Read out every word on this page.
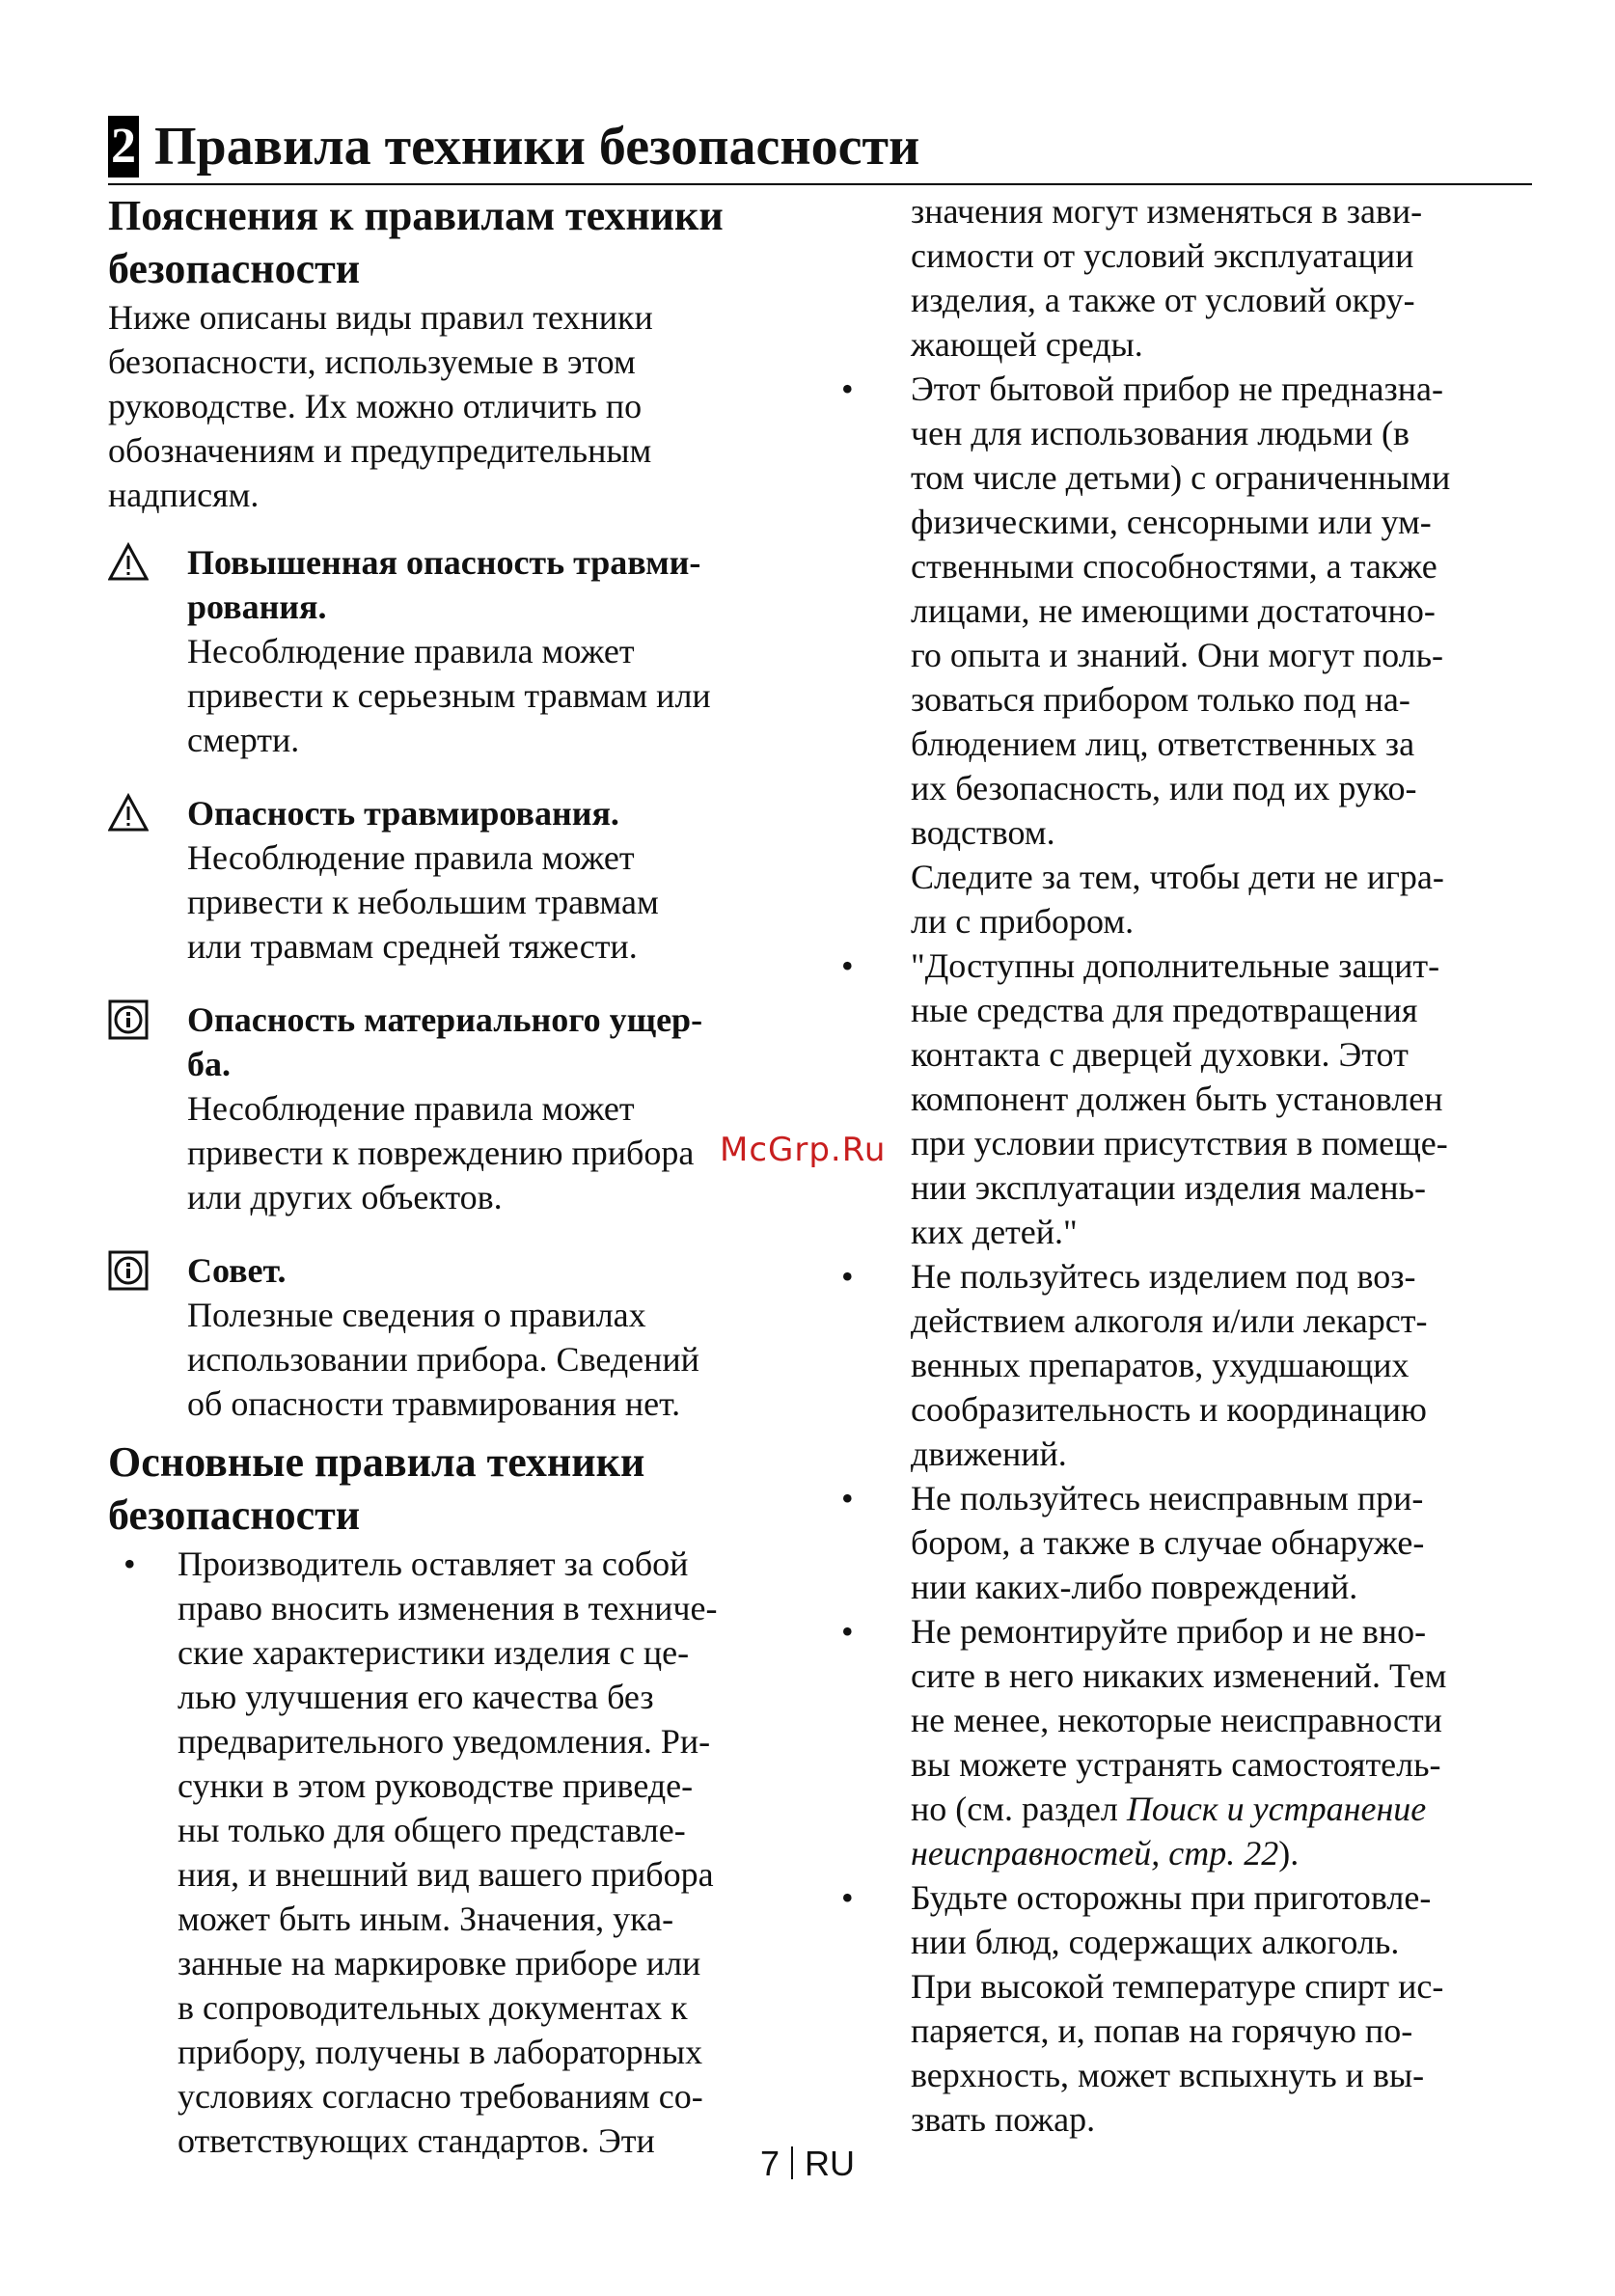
2 Правила техники безопасности
Пояснения к правилам техники
безопасности

Ниже описаны виды правил техники
безопасности, используемые в этом
руководстве. Их можно отличить по
обозначениям и предупредительным
надписям.

Повышенная опасность травми-
рования.
Несоблюдение правила может
привести к серьезным травмам или
смерти.
Опасность травмирования.
Несоблюдение правила может
привести к небольшим травмам
или травмам средней тяжести.
Опасность материального ущер-
ба.
Несоблюдение правила может
привести к повреждению прибора
или других объектов.
Совет.
Полезные сведения о правилах
использовании прибора. Сведений
об опасности травмирования нет.
Основные правила техники
безопасности
• Производитель оставляет за собой
право вносить изменения в техниче-
ские характеристики изделия с це-
лью улучшения его качества без
предварительного уведомления. Ри-
сунки в этом руководстве приведе-
ны только для общего представле-
ния, и внешний вид вашего прибора
может быть иным. Значения, ука-
занные на маркировке приборе или
в сопроводительных документах к
прибору, получены в лабораторных
условиях согласно требованиям со-
ответствующих стандартов. Эти
значения могут изменяться в зави-
симости от условий эксплуатации
изделия, а также от условий окру-
жающей среды.
• Этот бытовой прибор не предназна-
чен для использования людьми (в
том числе детьми) с ограниченными
физическими, сенсорными или ум-
ственными способностями, а также
лицами, не имеющими достаточно-
го опыта и знаний. Они могут поль-
зоваться прибором только под на-
блюдением лиц, ответственных за
их безопасность, или под их руко-
водством.
Следите за тем, чтобы дети не игра-
ли с прибором.
• "Доступны дополнительные защит-
ные средства для предотвращения
контакта с дверцей духовки. Этот
компонент должен быть установлен
при условии присутствия в помеще-
нии эксплуатации изделия малень-
ких детей."
• Не пользуйтесь изделием под воз-
действием алкоголя и/или лекарст-
венных препаратов, ухудшающих
сообразительность и координацию
движений.
• Не пользуйтесь неисправным при-
бором, а также в случае обнаруже-
нии каких-либо повреждений.
• Не ремонтируйте прибор и не вно-
сите в него никаких изменений. Тем
не менее, некоторые неисправности
вы можете устранять самостоятель-
но (см. раздел Поиск и устранение
неисправностей, стр. 22).
• Будьте осторожны при приготовле-
нии блюд, содержащих алкоголь.
При высокой температуре спирт ис-
паряется, и, попав на горячую по-
верхность, может вспыхнуть и вы-
звать пожар.
McGrp.Ru
7 RU
